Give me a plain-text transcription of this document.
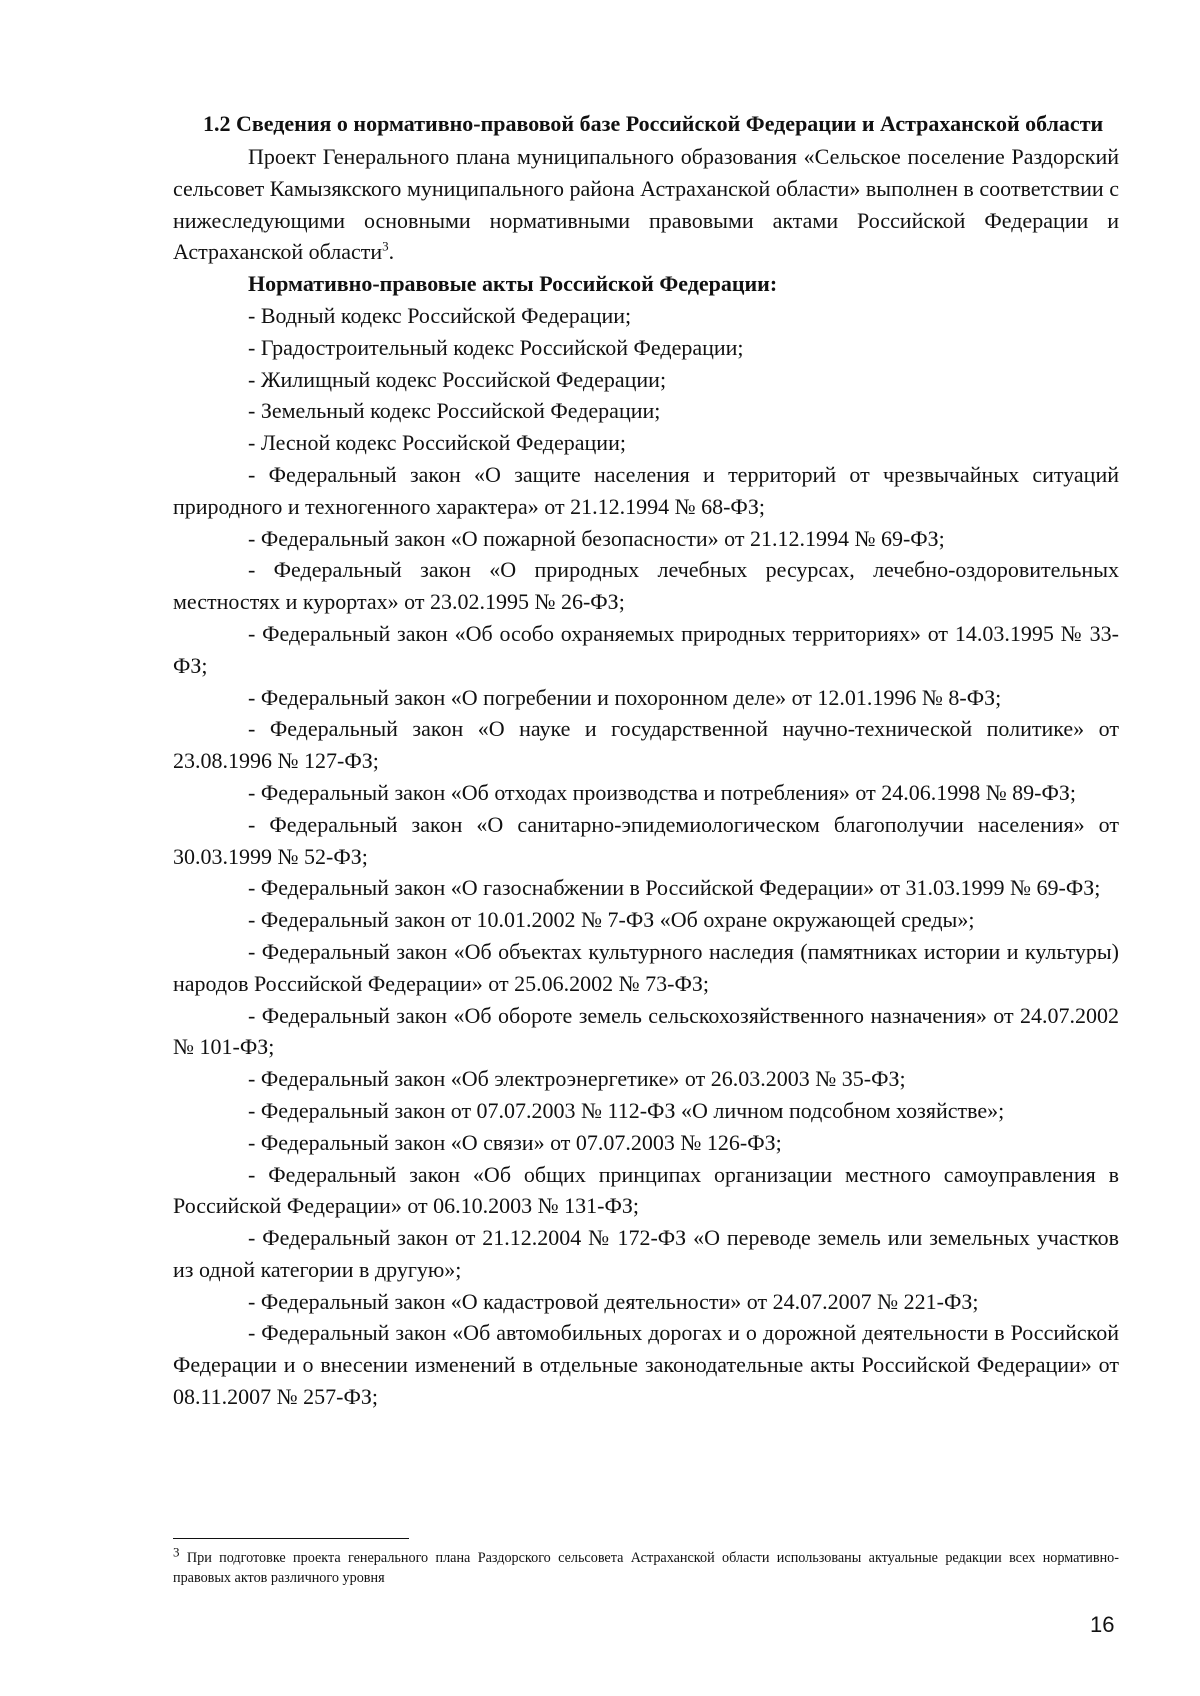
1.2 Сведения о нормативно-правовой базе Российской Федерации и Астраханской области

Проект Генерального плана муниципального образования «Сельское поселение Раздорский сельсовет Камызякского муниципального района Астраханской области» выполнен в соответствии с нижеследующими основными нормативными правовыми актами Российской Федерации и Астраханской области$^3$.

Нормативно-правовые акты Российской Федерации:

- Водный кодекс Российской Федерации;
- Градостроительный кодекс Российской Федерации;
- Жилищный кодекс Российской Федерации;
- Земельный кодекс Российской Федерации;
- Лесной кодекс Российской Федерации;
- Федеральный закон «О защите населения и территорий от чрезвычайных ситуаций природного и техногенного характера» от 21.12.1994 № 68-ФЗ;
- Федеральный закон «О пожарной безопасности» от 21.12.1994 № 69-ФЗ;
- Федеральный закон «О природных лечебных ресурсах, лечебно-оздоровительных местностях и курортах» от 23.02.1995 № 26-ФЗ;
- Федеральный закон «Об особо охраняемых природных территориях» от 14.03.1995 № 33-ФЗ;
- Федеральный закон «О погребении и похоронном деле» от 12.01.1996 № 8-ФЗ;
- Федеральный закон «О науке и государственной научно-технической политике» от 23.08.1996 № 127-ФЗ;
- Федеральный закон «Об отходах производства и потребления» от 24.06.1998 № 89-ФЗ;
- Федеральный закон «О санитарно-эпидемиологическом благополучии населения» от 30.03.1999 № 52-ФЗ;
- Федеральный закон «О газоснабжении в Российской Федерации» от 31.03.1999 № 69-ФЗ;
- Федеральный закон от 10.01.2002 № 7-ФЗ «Об охране окружающей среды»;
- Федеральный закон «Об объектах культурного наследия (памятниках истории и культуры) народов Российской Федерации» от 25.06.2002 № 73-ФЗ;
- Федеральный закон «Об обороте земель сельскохозяйственного назначения» от 24.07.2002 № 101-ФЗ;
- Федеральный закон «Об электроэнергетике» от 26.03.2003 № 35-ФЗ;
- Федеральный закон от 07.07.2003 № 112-ФЗ «О личном подсобном хозяйстве»;
- Федеральный закон «О связи» от 07.07.2003 № 126-ФЗ;
- Федеральный закон «Об общих принципах организации местного самоуправления в Российской Федерации» от 06.10.2003 № 131-ФЗ;
- Федеральный закон от 21.12.2004 № 172-ФЗ «О переводе земель или земельных участков из одной категории в другую»;
- Федеральный закон «О кадастровой деятельности» от 24.07.2007 № 221-ФЗ;
- Федеральный закон «Об автомобильных дорогах и о дорожной деятельности в Российской Федерации и о внесении изменений в отдельные законодательные акты Российской Федерации» от 08.11.2007 № 257-ФЗ;

$^3$ При подготовке проекта генерального плана Раздорского сельсовета Астраханской области использованы актуальные редакции всех нормативно-правовых актов различного уровня

16
